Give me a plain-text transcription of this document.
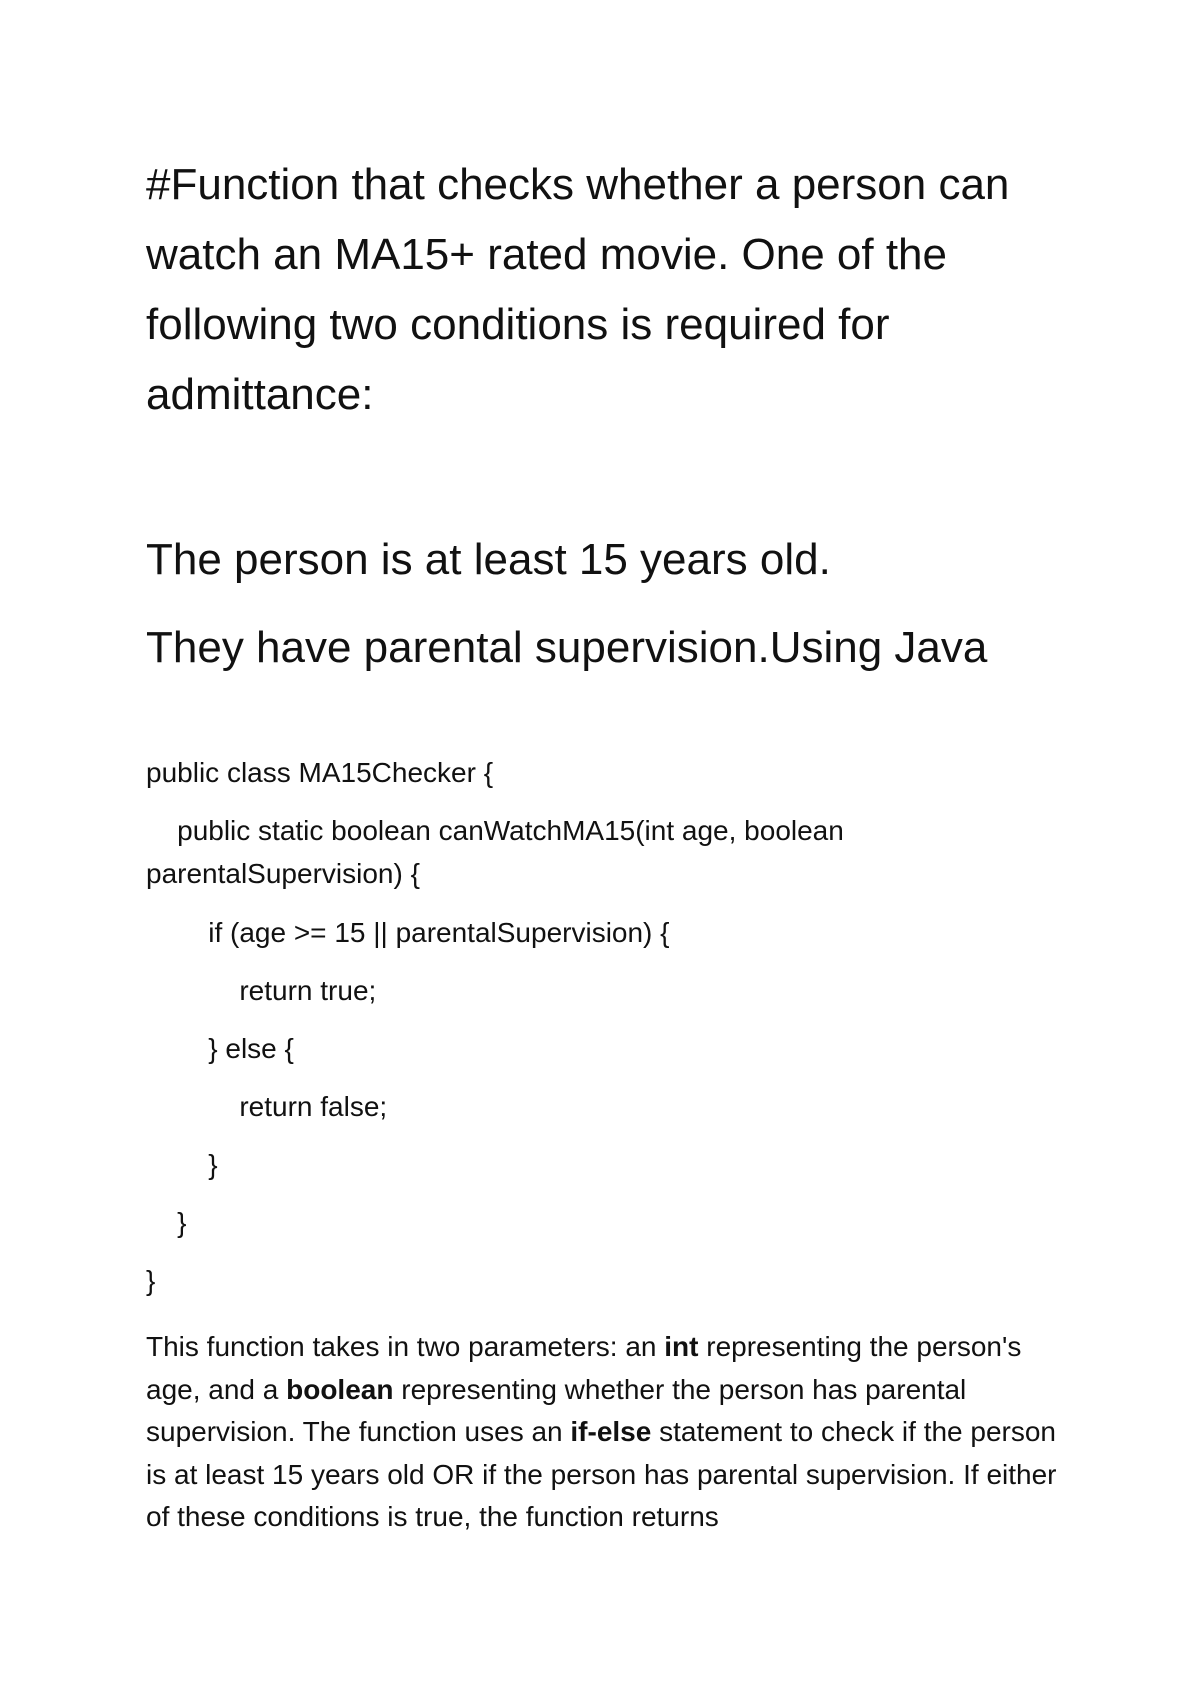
#Function that checks whether a person can watch an MA15+ rated movie. One of the following two conditions is required for admittance:

The person is at least 15 years old.

They have parental supervision.Using Java

public class MA15Checker {
public static boolean canWatchMA15(int age, boolean
parentalSupervision) {
if (age >= 15 || parentalSupervision) {
return true;
} else {
return false;
}
}
}

This function takes in two parameters: an int representing the person's age, and a boolean representing whether the person has parental supervision. The function uses an if-else statement to check if the person is at least 15 years old OR if the person has parental supervision. If either of these conditions is true, the function returns
